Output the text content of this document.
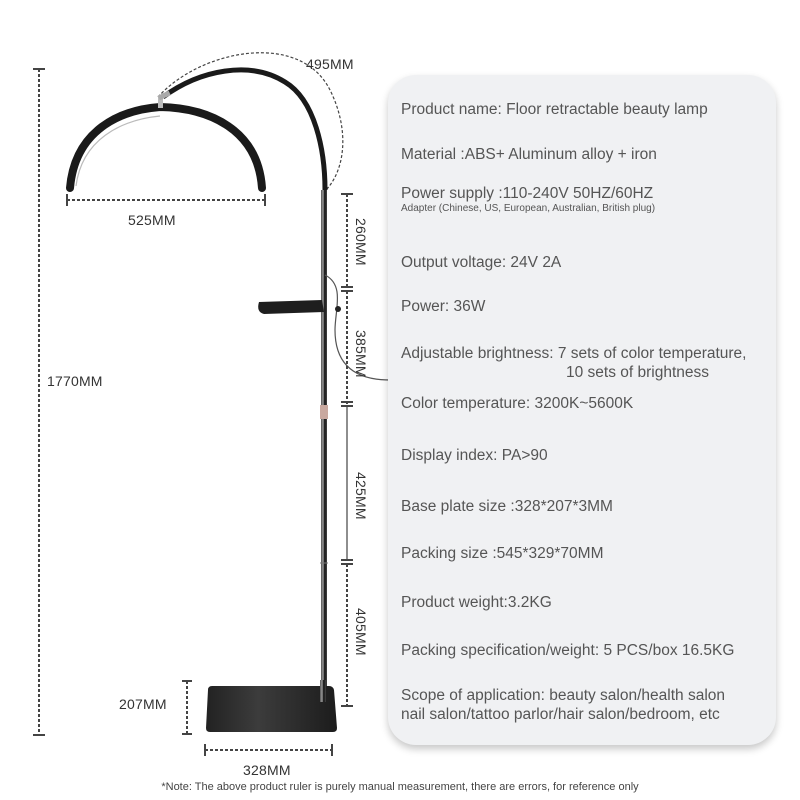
495MM
525MM
1770MM
260MM
385MM
425MM
405MM
207MM
328MM
Product name: Floor retractable beauty lamp
Material :ABS+ Aluminum alloy + iron
Power supply :110-240V 50HZ/60HZ
Adapter (Chinese, US, European, Australian, British plug)
Output voltage: 24V 2A
Power: 36W
Adjustable brightness: 7 sets of color temperature,
10 sets of brightness
Color temperature: 3200K~5600K
Display index: PA>90
Base plate size :328*207*3MM
Packing size :545*329*70MM
Product weight:3.2KG
Packing specification/weight: 5 PCS/box 16.5KG
Scope of application: beauty salon/health salon
nail salon/tattoo parlor/hair salon/bedroom, etc
*Note: The above product ruler is purely manual measurement, there are errors, for reference only
